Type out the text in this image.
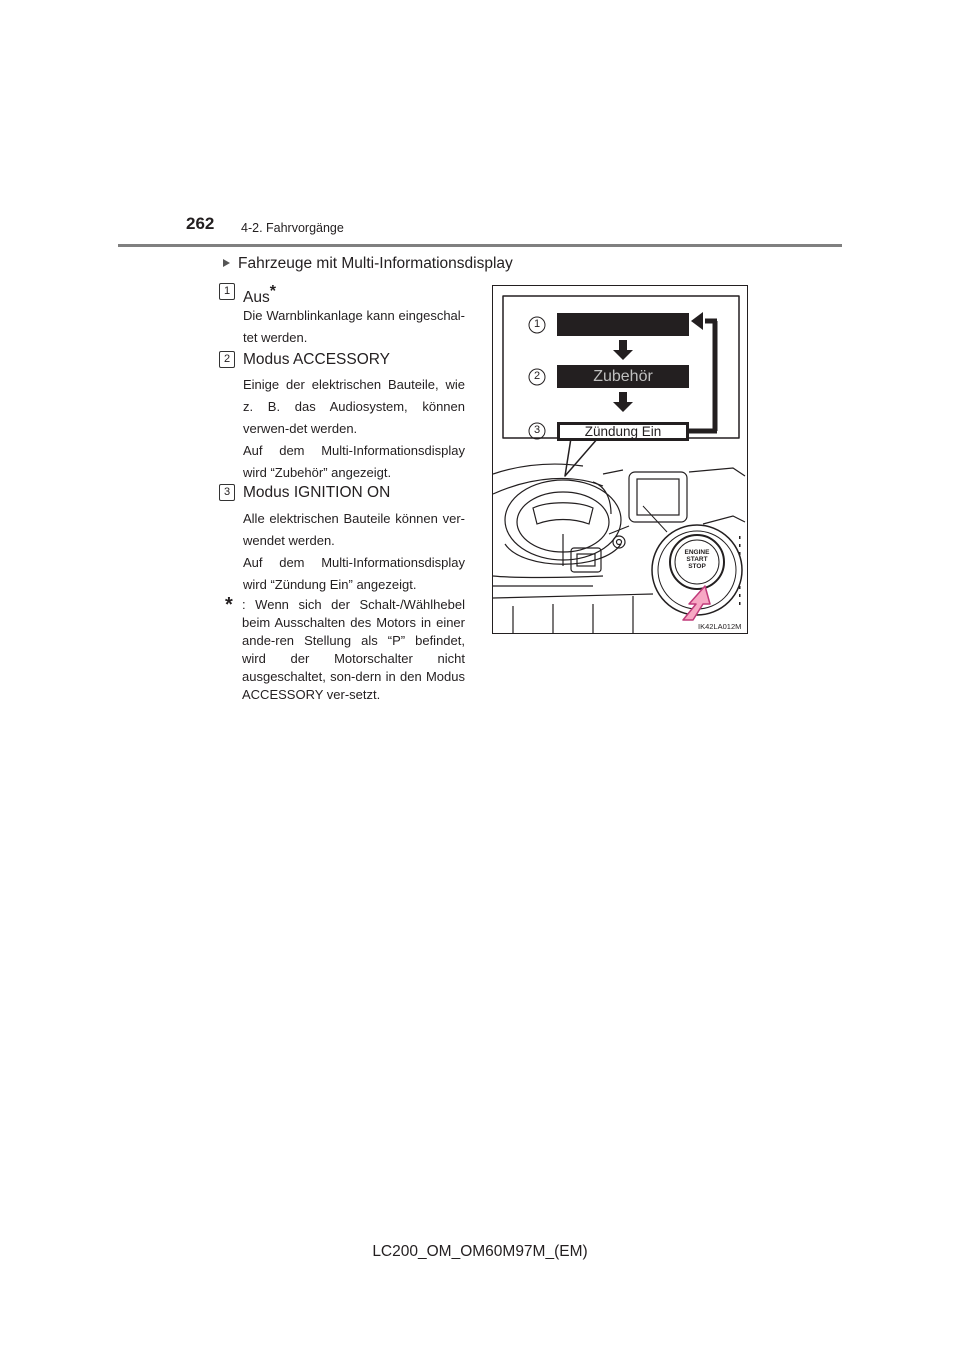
262 4-2. Fahrvorgänge
Fahrzeuge mit Multi-Informationsdisplay
1 Aus*
Die Warnblinkanlage kann eingeschal-tet werden.
2 Modus ACCESSORY
Einige der elektrischen Bauteile, wie z. B. das Audiosystem, können verwen-det werden.
Auf dem Multi-Informationsdisplay wird “Zubehör” angezeigt.
3 Modus IGNITION ON
Alle elektrischen Bauteile können ver-wendet werden.
Auf dem Multi-Informationsdisplay wird “Zündung Ein” angezeigt.
* : Wenn sich der Schalt-/Wählhebel beim Ausschalten des Motors in einer ande-ren Stellung als “P” befindet, wird der Motorschalter nicht ausgeschaltet, son-dern in den Modus ACCESSORY ver-setzt.
1
2	Zubehör
3	Zündung Ein
ENGINE
START
STOP
IK42LA012M
LC200_OM_OM60M97M_(EM)
